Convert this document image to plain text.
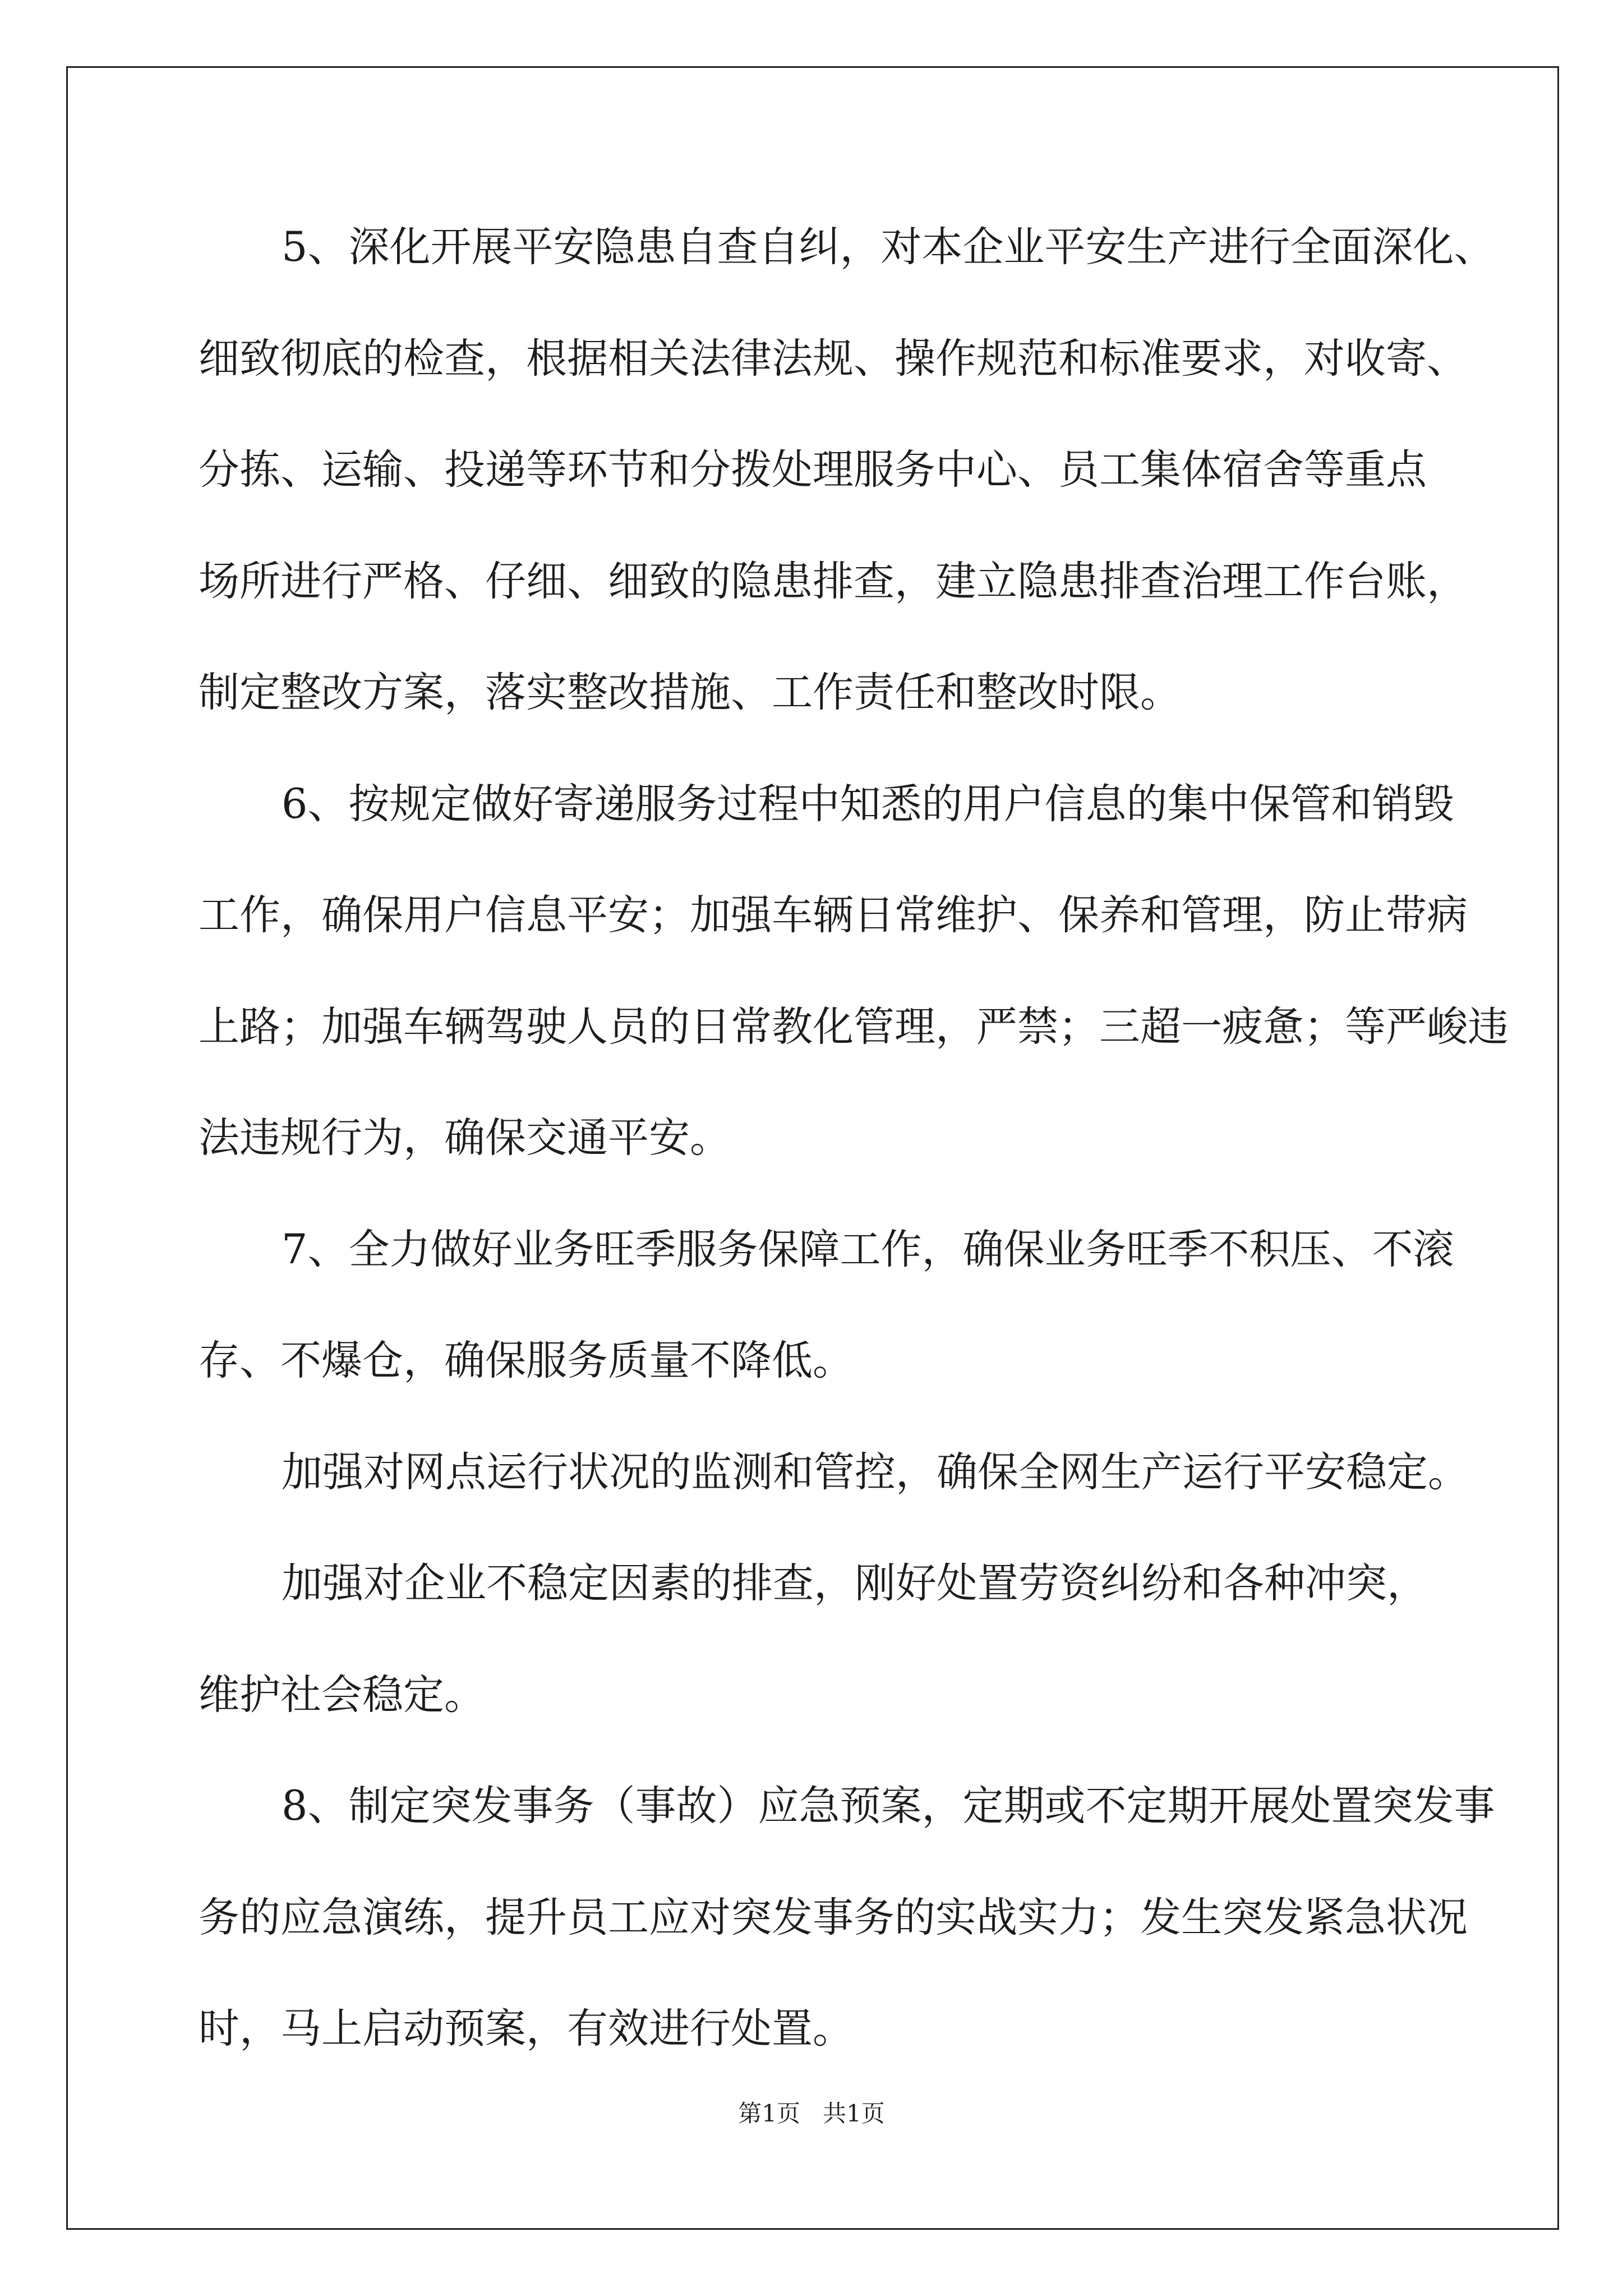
5、深化开展平安隐患自查自纠，对本企业平安生产进行全面深化、

细致彻底的检查，根据相关法律法规、操作规范和标准要求，对收寄、

分拣、运输、投递等环节和分拨处理服务中心、员工集体宿舍等重点

场所进行严格、仔细、细致的隐患排查，建立隐患排查治理工作台账，

制定整改方案，落实整改措施、工作责任和整改时限。

6、按规定做好寄递服务过程中知悉的用户信息的集中保管和销毁

工作，确保用户信息平安；加强车辆日常维护、保养和管理，防止带病

上路；加强车辆驾驶人员的日常教化管理，严禁；三超一疲惫；等严峻违

法违规行为，确保交通平安。

7、全力做好业务旺季服务保障工作，确保业务旺季不积压、不滚

存、不爆仓，确保服务质量不降低。

加强对网点运行状况的监测和管控，确保全网生产运行平安稳定。

加强对企业不稳定因素的排查，刚好处置劳资纠纷和各种冲突，

维护社会稳定。

8、制定突发事务（事故）应急预案，定期或不定期开展处置突发事

务的应急演练，提升员工应对突发事务的实战实力；发生突发紧急状况

时，马上启动预案，有效进行处置。

第1页   共1页
